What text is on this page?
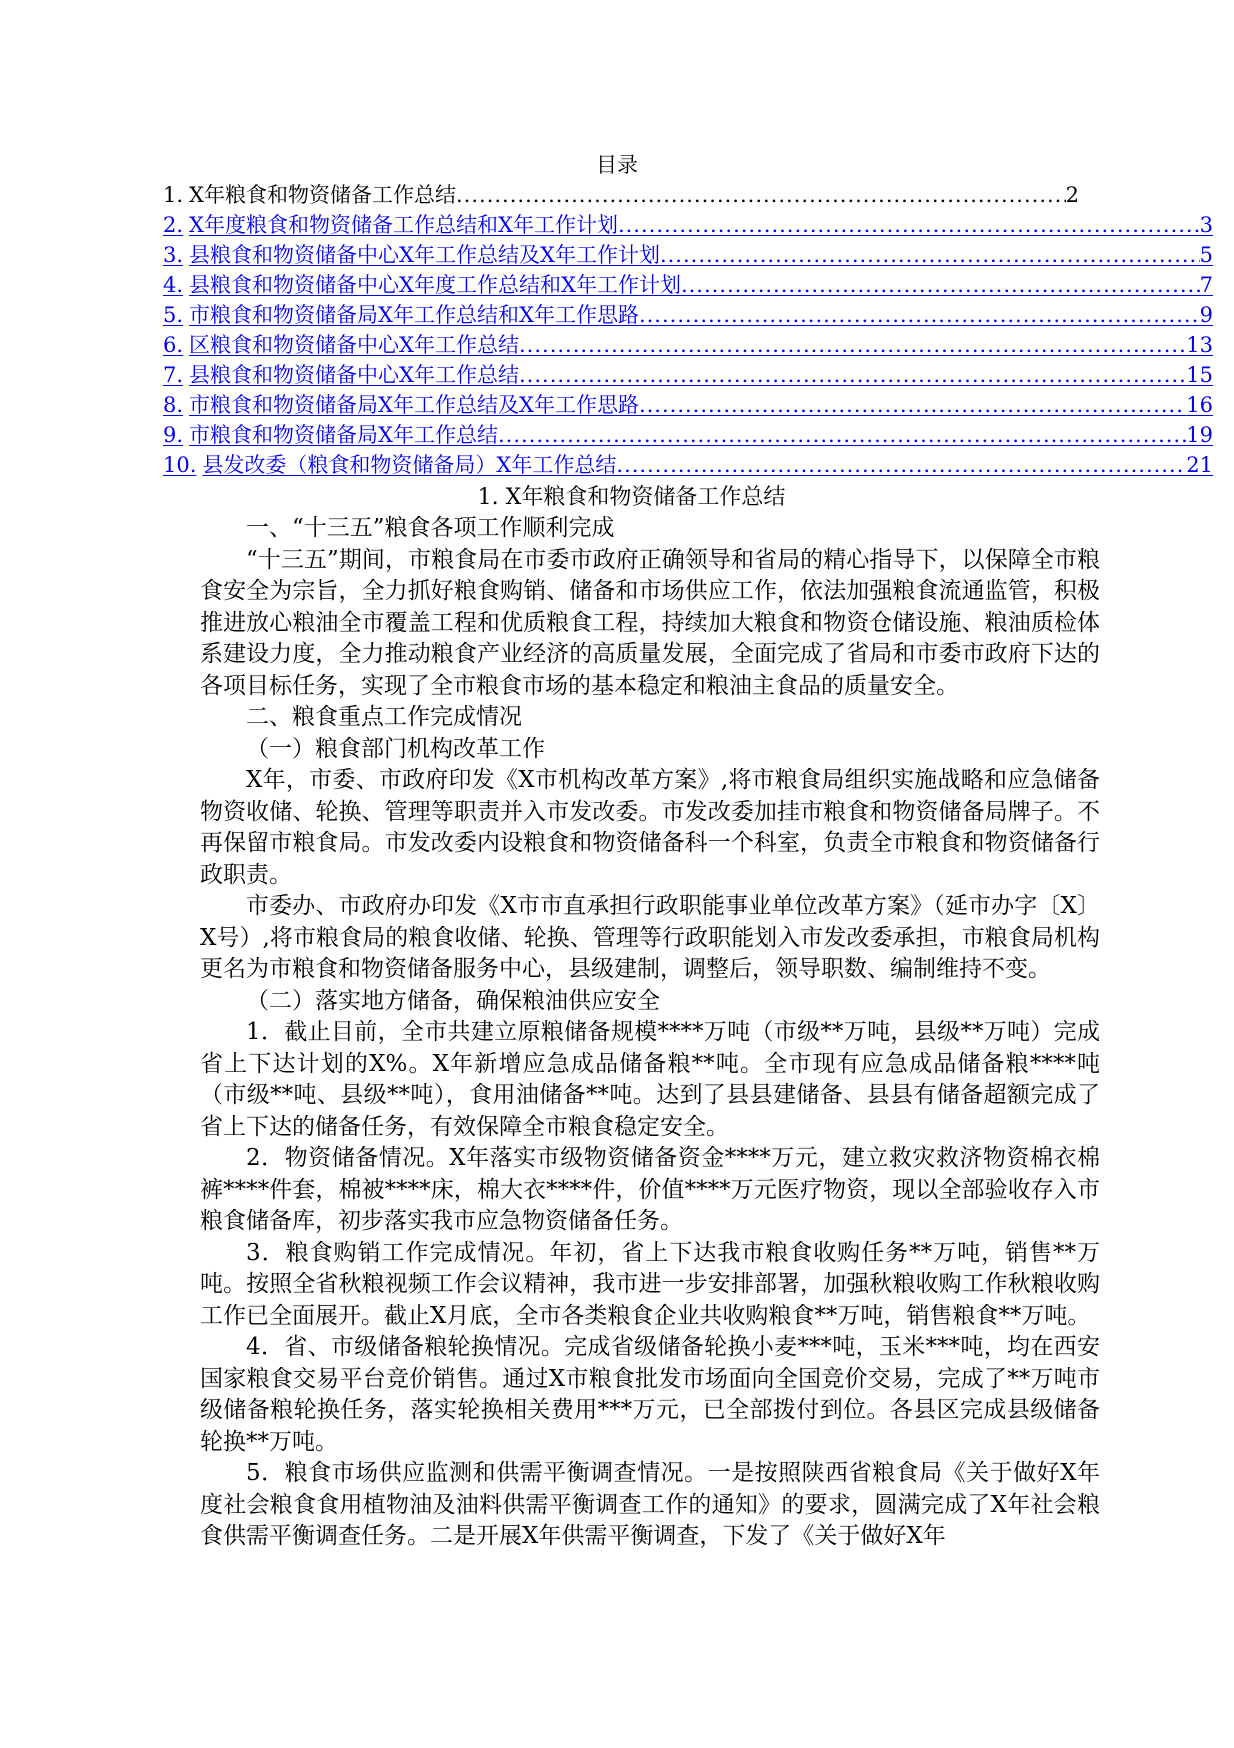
目录
1. X年粮食和物资储备工作总结 .....	2
2. X年度粮食和物资储备工作总结和X年工作计划 .....	3
3. 县粮食和物资储备中心X年工作总结及X年工作计划 .....	5
4. 县粮食和物资储备中心X年度工作总结和X年工作计划 .....	7
5. 市粮食和物资储备局X年工作总结和X年工作思路 .....	9
6. 区粮食和物资储备中心X年工作总结 .....	13
7. 县粮食和物资储备中心X年工作总结 .....	15
8. 市粮食和物资储备局X年工作总结及X年工作思路 .....	16
9. 市粮食和物资储备局X年工作总结 .....	19
10. 县发改委（粮食和物资储备局）X年工作总结 .....	21
1. X年粮食和物资储备工作总结
一、“十三五”粮食各项工作顺利完成

“十三五”期间，市粮食局在市委市政府正确领导和省局的精心指导下，以保障全市粮食安全为宗旨，全力抓好粮食购销、储备和市场供应工作，依法加强粮食流通监管，积极推进放心粮油全市覆盖工程和优质粮食工程，持续加大粮食和物资仓储设施、粮油质检体系建设力度，全力推动粮食产业经济的高质量发展，全面完成了省局和市委市政府下达的各项目标任务，实现了全市粮食市场的基本稳定和粮油主食品的质量安全。

二、粮食重点工作完成情况
（一）粮食部门机构改革工作

X年，市委、市政府印发《X市机构改革方案》,将市粮食局组织实施战略和应急储备物资收储、轮换、管理等职责并入市发改委。市发改委加挂市粮食和物资储备局牌子。不再保留市粮食局。市发改委内设粮食和物资储备科一个科室，负责全市粮食和物资储备行政职责。

市委办、市政府办印发《X市市直承担行政职能事业单位改革方案》（延市办字〔X〕X号）,将市粮食局的粮食收储、轮换、管理等行政职能划入市发改委承担，市粮食局机构更名为市粮食和物资储备服务中心，县级建制，调整后，领导职数、编制维持不变。

（二）落实地方储备，确保粮油供应安全

1．截止目前，全市共建立原粮储备规模****万吨（市级**万吨，县级**万吨）完成省上下达计划的X%。X年新增应急成品储备粮**吨。全市现有应急成品储备粮****吨（市级**吨、县级**吨），食用油储备**吨。达到了县县建储备、县县有储备超额完成了省上下达的储备任务，有效保障全市粮食稳定安全。

2．物资储备情况。X年落实市级物资储备资金****万元，建立救灾救济物资棉衣棉裤****件套，棉被****床，棉大衣****件，价值****万元医疗物资，现以全部验收存入市粮食储备库，初步落实我市应急物资储备任务。

3．粮食购销工作完成情况。年初，省上下达我市粮食收购任务**万吨，销售**万吨。按照全省秋粮视频工作会议精神，我市进一步安排部署，加强秋粮收购工作秋粮收购工作已全面展开。截止X月底，全市各类粮食企业共收购粮食**万吨，销售粮食**万吨。

4．省、市级储备粮轮换情况。完成省级储备轮换小麦***吨，玉米***吨，均在西安国家粮食交易平台竞价销售。通过X市粮食批发市场面向全国竞价交易，完成了**万吨市级储备粮轮换任务，落实轮换相关费用***万元，已全部拨付到位。各县区完成县级储备轮换**万吨。

5．粮食市场供应监测和供需平衡调查情况。一是按照陕西省粮食局《关于做好X年度社会粮食食用植物油及油料供需平衡调查工作的通知》的要求，圆满完成了X年社会粮食供需平衡调查任务。二是开展X年供需平衡调查，下发了《关于做好X年
